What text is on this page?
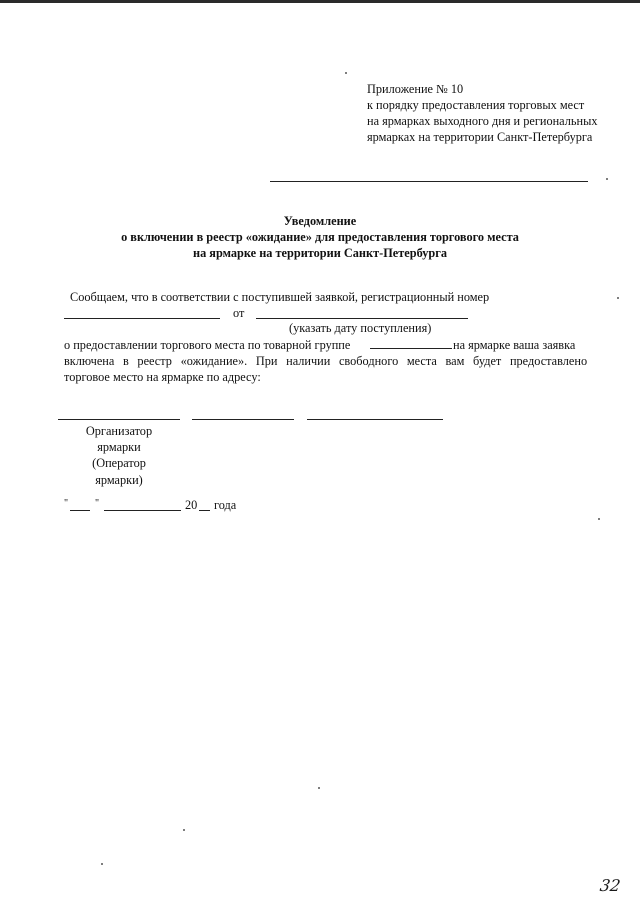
Приложение № 10
к порядку предоставления торговых мест
на ярмарках выходного дня и региональных
ярмарках на территории Санкт-Петербурга
Уведомление
о включении в реестр «ожидание» для предоставления торгового места
на ярмарке на территории Санкт-Петербурга
Сообщаем, что в соответствии с поступившей заявкой, регистрационный номер
от
(указать дату поступления)
о предоставлении торгового места по товарной группе	на ярмарке ваша заявка
включена в реестр «ожидание». При наличии свободного места вам будет предоставлено
торговое место на ярмарке по адресу:
Организатор
ярмарки
(Оператор
ярмарки)
"	"	20 года
32
